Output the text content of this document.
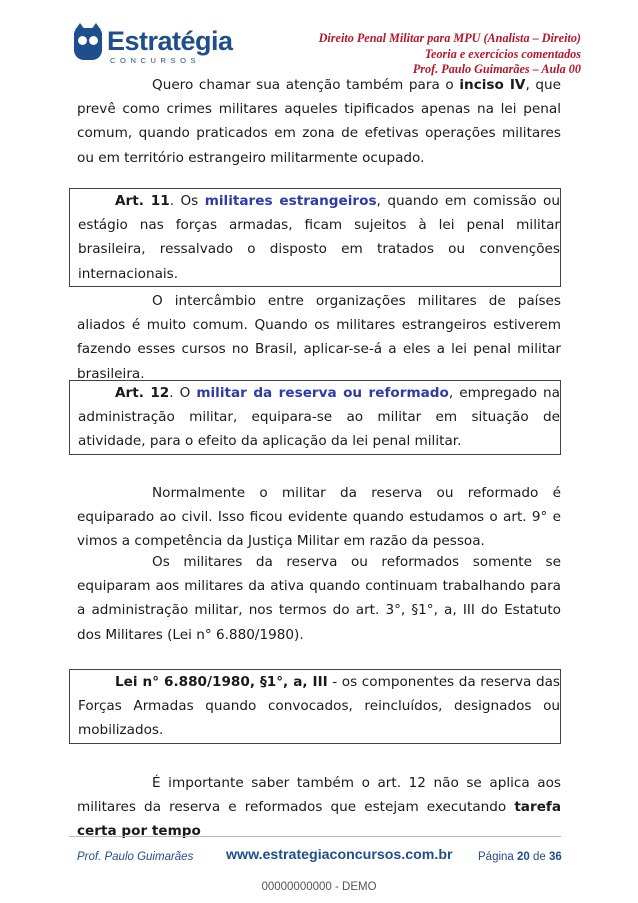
Estratégia
CONCURSOS
Direito Penal Militar para MPU (Analista – Direito)
Teoria e exercícios comentados
Prof. Paulo Guimarães – Aula 00
Quero chamar sua atenção também para o inciso IV, que prevê como crimes militares aqueles tipificados apenas na lei penal comum, quando praticados em zona de efetivas operações militares ou em território estrangeiro militarmente ocupado.
Art. 11. Os militares estrangeiros, quando em comissão ou estágio nas forças armadas, ficam sujeitos à lei penal militar brasileira, ressalvado o disposto em tratados ou convenções internacionais.
O intercâmbio entre organizações militares de países aliados é muito comum. Quando os militares estrangeiros estiverem fazendo esses cursos no Brasil, aplicar-se-á a eles a lei penal militar brasileira.
Art. 12. O militar da reserva ou reformado, empregado na administração militar, equipara-se ao militar em situação de atividade, para o efeito da aplicação da lei penal militar.
Normalmente o militar da reserva ou reformado é equiparado ao civil. Isso ficou evidente quando estudamos o art. 9° e vimos a competência da Justiça Militar em razão da pessoa.
Os militares da reserva ou reformados somente se equiparam aos militares da ativa quando continuam trabalhando para a administração militar, nos termos do art. 3°, §1°, a, III do Estatuto dos Militares (Lei n° 6.880/1980).
Lei n° 6.880/1980, §1°, a, III - os componentes da reserva das Forças Armadas quando convocados, reincluídos, designados ou mobilizados.
É importante saber também o art. 12 não se aplica aos militares da reserva e reformados que estejam executando tarefa certa por tempo
Prof. Paulo Guimarães www.estrategiaconcursos.com.br Página 20 de 36
00000000000 - DEMO
